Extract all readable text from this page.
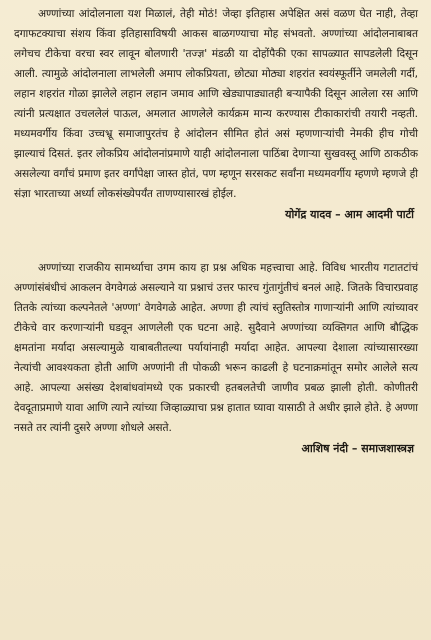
अण्णांच्या आंदोलनाला यश मिळालं, तेही मोठं! जेव्हा इतिहास अपेक्षित असं वळण घेत नाही, तेव्हा दगाफटक्याचा संशय किंवा इतिहासाविषयी आकस बाळगण्याचा मोह संभवतो. अण्णांच्या आंदोलनाबाबत लगेचच टीकेचा वरचा स्वर लावून बोलणारी 'तज्ज्ञ' मंडळी या दोहोंपैकी एका सापळ्यात सापडलेली दिसून आली. त्यामुळे आंदोलनाला लाभलेली अमाप लोकप्रियता, छोट्या मोठ्या शहरांत स्वयंस्फूर्तीने जमलेली गर्दी, लहान शहरांत गोळा झालेले लहान लहान जमाव आणि खेड्यापाड्यातही बऱ्यापैकी दिसून आलेला रस आणि त्यांनी प्रत्यक्षात उचललेलं पाऊल, अमलात आणलेले कार्यक्रम मान्य करण्यास टीकाकारांची तयारी नव्हती. मध्यमवर्गीय किंवा उच्चभ्रू समाजापुरतंच हे आंदोलन सीमित होतं असं म्हणणाऱ्यांची नेमकी हीच गोची झाल्याचं दिसतं. इतर लोकप्रिय आंदोलनांप्रमाणे याही आंदोलनाला पाठिंबा देणाऱ्या सुखवस्तू आणि ठाकठीक असलेल्या वर्गांचं प्रमाण इतर वर्गांपेक्षा जास्त होतं, पण म्हणून सरसकट सर्वांना मध्यमवर्गीय म्हणणे म्हणजे ही संज्ञा भारताच्या अर्ध्या लोकसंख्येपर्यंत ताणण्यासारखं होईल.

योगेंद्र यादव – आम आदमी पार्टी

अण्णांच्या राजकीय सामर्थ्याचा उगम काय हा प्रश्न अधिक महत्त्वाचा आहे. विविध भारतीय गटातटांचं अण्णांसंबंधीचं आकलन वेगवेगळं असल्याने या प्रश्नाचं उत्तर फारच गुंतागुंतीचं बनलं आहे. जितके विचारप्रवाह तितके त्यांच्या कल्पनेतले 'अण्णा' वेगवेगळे आहेत. अण्णा ही त्यांचं स्तुतिस्तोत्र गाणाऱ्यांनी आणि त्यांच्यावर टीकेचे वार करणाऱ्यांनी घडवून आणलेली एक घटना आहे. सुदैवाने अण्णांच्या व्यक्तिगत आणि बौद्धिक क्षमतांना मर्यादा असल्यामुळे याबाबतीतल्या पर्यायांनाही मर्यादा आहेत. आपल्या देशाला त्यांच्यासारख्या नेत्यांची आवश्यकता होती आणि अण्णांनी ती पोकळी भरून काढली हे घटनाक्रमांतून समोर आलेले सत्य आहे. आपल्या असंख्य देशबांधवांमध्ये एक प्रकारची हतबलतेची जाणीव प्रबळ झाली होती. कोणीतरी देवदूताप्रमाणे यावा आणि त्याने त्यांच्या जिव्हाळ्याचा प्रश्न हातात घ्यावा यासाठी ते अधीर झाले होते. हे अण्णा नसते तर त्यांनी दुसरे अण्णा शोधले असते.

आशिष नंदी – समाजशास्त्रज्ञ
